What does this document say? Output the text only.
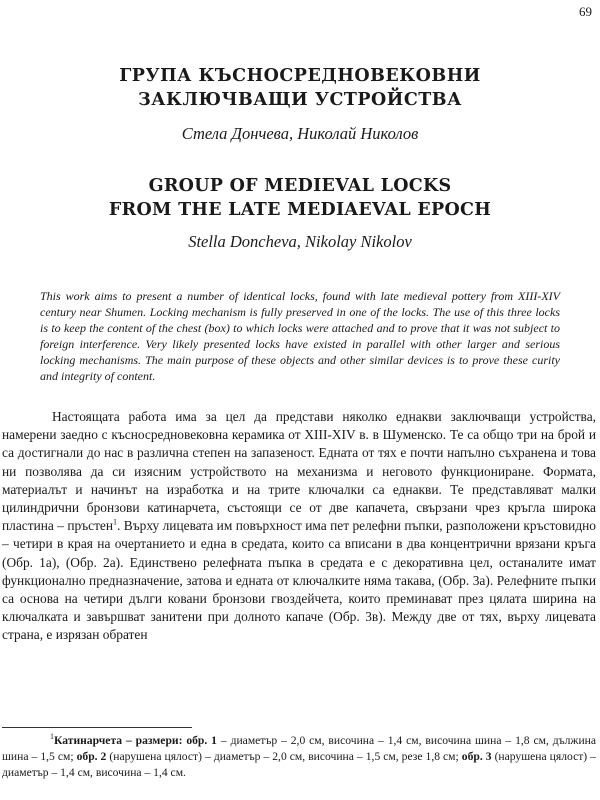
69
ГРУПА КЪСНОСРЕДНОВЕКОВНИ
ЗАКЛЮЧВАЩИ УСТРОЙСТВА
Стела Дончева, Николай Николов
GROUP OF MEDIEVAL LOCKS
FROM THE LATE MEDIAEVAL EPOCH
Stella Doncheva, Nikolay Nikolov
This work aims to present a number of identical locks, found with late medieval pottery from XIII-XIV century near Shumen. Locking mechanism is fully preserved in one of the locks. The use of this three locks is to keep the content of the chest (box) to which locks were attached and to prove that it was not subject to foreign interference. Very likely presented locks have existed in parallel with other larger and serious locking mechanisms. The main purpose of these objects and other similar devices is to prove these curity and integrity of content.

Настоящата работа има за цел да представи няколко еднакви заключващи устройства, намерени заедно с късносредновековна керамика от XIII-XIV в. в Шуменско. Те са общо три на брой и са достигнали до нас в различна степен на запазеност. Едната от тях е почти напълно съхранена и това ни позволява да си изясним устройството на механизма и неговото функциониране. Формата, материалът и начинът на изработка и на трите ключалки са еднакви. Те представляват малки цилиндрични бронзови катинарчета, състоящи се от две капачета, свързани чрез кръгла широка пластина – пръстен$^1$. Върху лицевата им повърхност има пет релефни пъпки, разположени кръстовидно – четири в края на очертанието и една в средата, които са вписани в два концентрични врязани кръга (Обр. 1а), (Обр. 2а). Единственo релефната пъпка в средата е с декоративна цел, останалите имат функционално предназначение, затова и едната от ключалките няма такава, (Обр. 3а). Релефните пъпки са основа на четири дълги ковани бронзови гвоздейчета, които преминават през цялата ширина на ключалката и завършват занитени при долното капаче (Обр. 3в). Между две от тях, върху лицевата страна, е изрязан обратен

$^1$Катинарчета – размери: обр. 1 – диаметър – 2,0 см, височина – 1,4 см, височина шина – 1,8 см, дължина шина – 1,5 см; обр. 2 (нарушена цялост) – диаметър – 2,0 см, височина – 1,5 см, резе 1,8 см; обр. 3 (нарушена цялост) – диаметър – 1,4 см, височина – 1,4 см.
